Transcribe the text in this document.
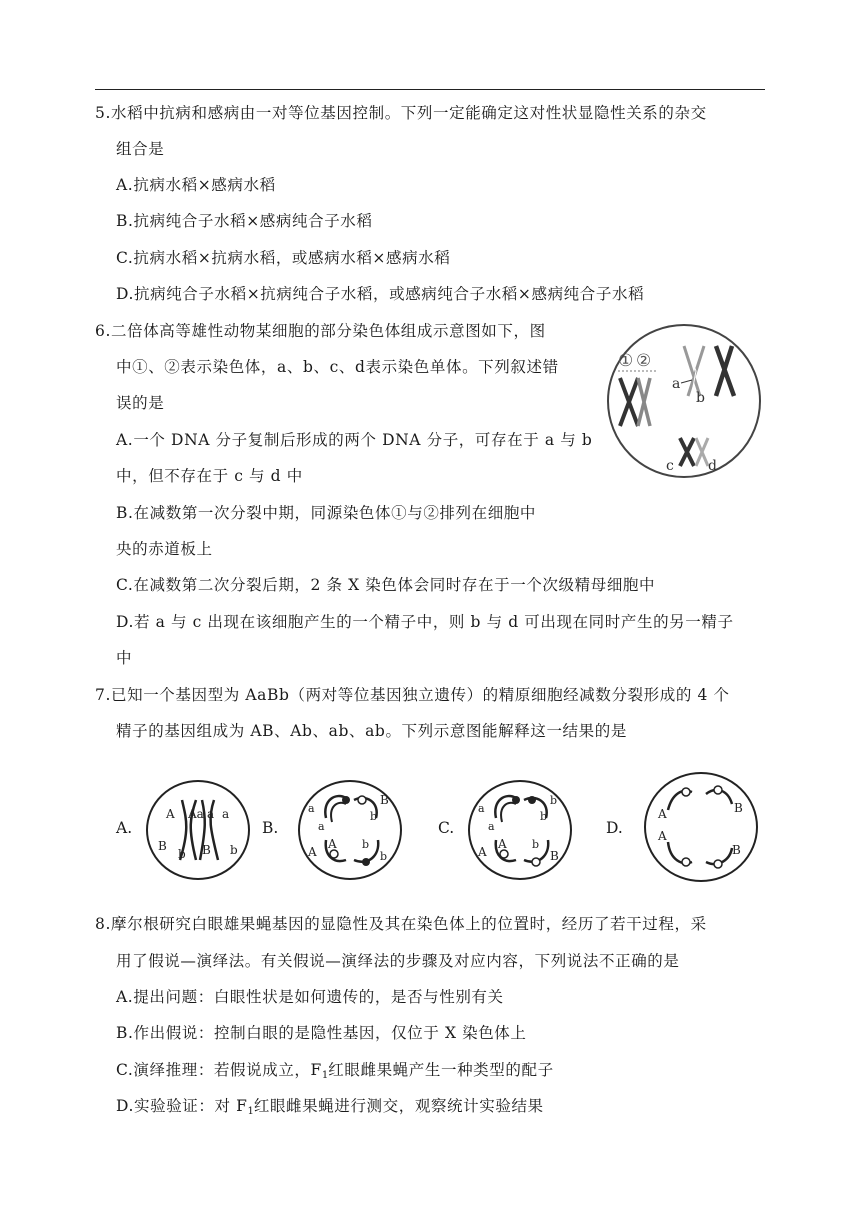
5.水稻中抗病和感病由一对等位基因控制。下列一定能确定这对性状显隐性关系的杂交
组合是
A.抗病水稻×感病水稻
B.抗病纯合子水稻×感病纯合子水稻
C.抗病水稻×抗病水稻，或感病水稻×感病水稻
D.抗病纯合子水稻×抗病纯合子水稻，或感病纯合子水稻×感病纯合子水稻
6.二倍体高等雄性动物某细胞的部分染色体组成示意图如下，图
中①、②表示染色体，a、b、c、d表示染色单体。下列叙述错
误的是
A.一个 DNA 分子复制后形成的两个 DNA 分子，可存在于 a 与 b
中，但不存在于 c 与 d 中
B.在减数第一次分裂中期，同源染色体①与②排列在细胞中
央的赤道板上
C.在减数第二次分裂后期，2 条 X 染色体会同时存在于一个次级精母细胞中
D.若 a 与 c 出现在该细胞产生的一个精子中，则 b 与 d 可出现在同时产生的另一精子
中
① ②
a
b
c d
7.已知一个基因型为 AaBb（两对等位基因独立遗传）的精原细胞经减数分裂形成的 4 个
精子的基因组成为 AB、Ab、ab、ab。下列示意图能解释这一结果的是
A.	B.	C.	D.
A Aa a a
B
b B b
a
a
B
b
A
A b
b
a
a
b
b
A
A b
B
A
A
B
B
8.摩尔根研究白眼雄果蝇基因的显隐性及其在染色体上的位置时，经历了若干过程，采
用了假说—演绎法。有关假说—演绎法的步骤及对应内容，下列说法不正确的是
A.提出问题：白眼性状是如何遗传的，是否与性别有关
B.作出假说：控制白眼的是隐性基因，仅位于 X 染色体上
C.演绎推理：若假说成立，$F_1$红眼雌果蝇产生一种类型的配子
D.实验验证：对 $F_1$红眼雌果蝇进行测交，观察统计实验结果
